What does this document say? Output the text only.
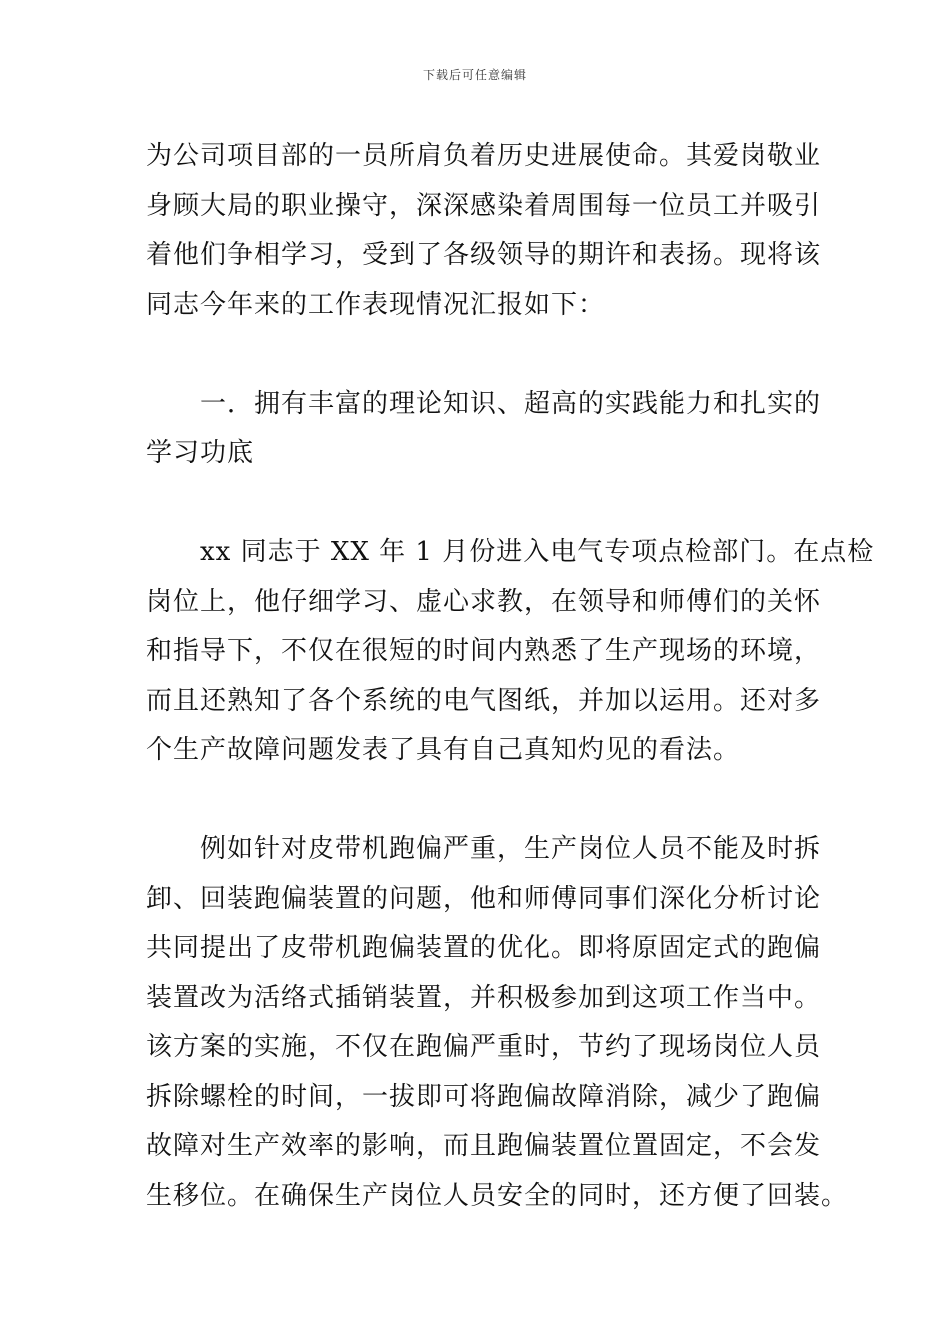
下载后可任意编辑
为公司项目部的一员所肩负着历史进展使命。其爱岗敬业
身顾大局的职业操守，深深感染着周围每一位员工并吸引
着他们争相学习，受到了各级领导的期许和表扬。现将该
同志今年来的工作表现情况汇报如下：
一．拥有丰富的理论知识、超高的实践能力和扎实的
学习功底
xx 同志于 XX 年 1 月份进入电气专项点检部门。在点检
岗位上，他仔细学习、虚心求教，在领导和师傅们的关怀
和指导下，不仅在很短的时间内熟悉了生产现场的环境，
而且还熟知了各个系统的电气图纸，并加以运用。还对多
个生产故障问题发表了具有自己真知灼见的看法。
例如针对皮带机跑偏严重，生产岗位人员不能及时拆
卸、回装跑偏装置的问题，他和师傅同事们深化分析讨论
共同提出了皮带机跑偏装置的优化。即将原固定式的跑偏
装置改为活络式插销装置，并积极参加到这项工作当中。
该方案的实施，不仅在跑偏严重时，节约了现场岗位人员
拆除螺栓的时间，一拔即可将跑偏故障消除，减少了跑偏
故障对生产效率的影响，而且跑偏装置位置固定，不会发
生移位。在确保生产岗位人员安全的同时，还方便了回装。
